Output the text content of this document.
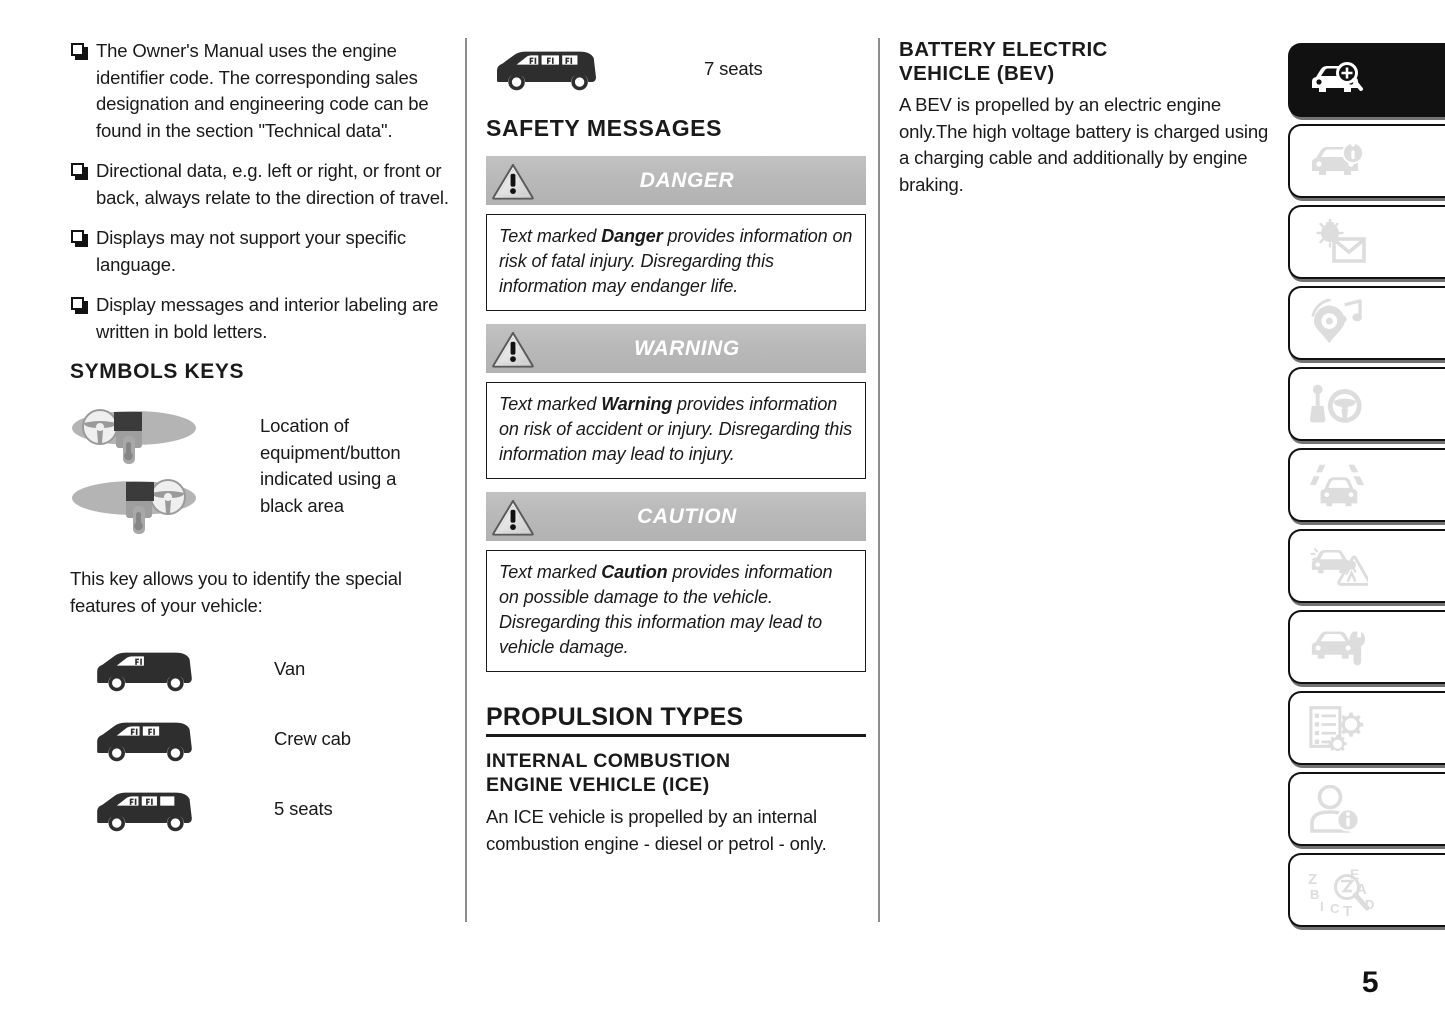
The Owner's Manual uses the engine identifier code. The corresponding sales designation and engineering code can be found in the section "Technical data".
Directional data, e.g. left or right, or front or back, always relate to the direction of travel.
Displays may not support your specific language.
Display messages and interior labeling are written in bold letters.
SYMBOLS KEYS
Location of equipment/button indicated using a black area

This key allows you to identify the special features of your vehicle:

Van
Crew cab
5 seats
7 seats
SAFETY MESSAGES
DANGER

Text marked Danger provides information on risk of fatal injury. Disregarding this information may endanger life.

WARNING

Text marked Warning provides information on risk of accident or injury. Disregarding this information may lead to injury.

CAUTION

Text marked Caution provides information on possible damage to the vehicle. Disregarding this information may lead to vehicle damage.

PROPULSION TYPES
INTERNAL COMBUSTION
ENGINE VEHICLE (ICE)

An ICE vehicle is propelled by an internal combustion engine - diesel or petrol - only.

BATTERY ELECTRIC
VEHICLE (BEV)

A BEV is propelled by an electric engine only.The high voltage battery is charged using a charging cable and additionally by engine braking.

Z
B
I C T
E
A
D
5
